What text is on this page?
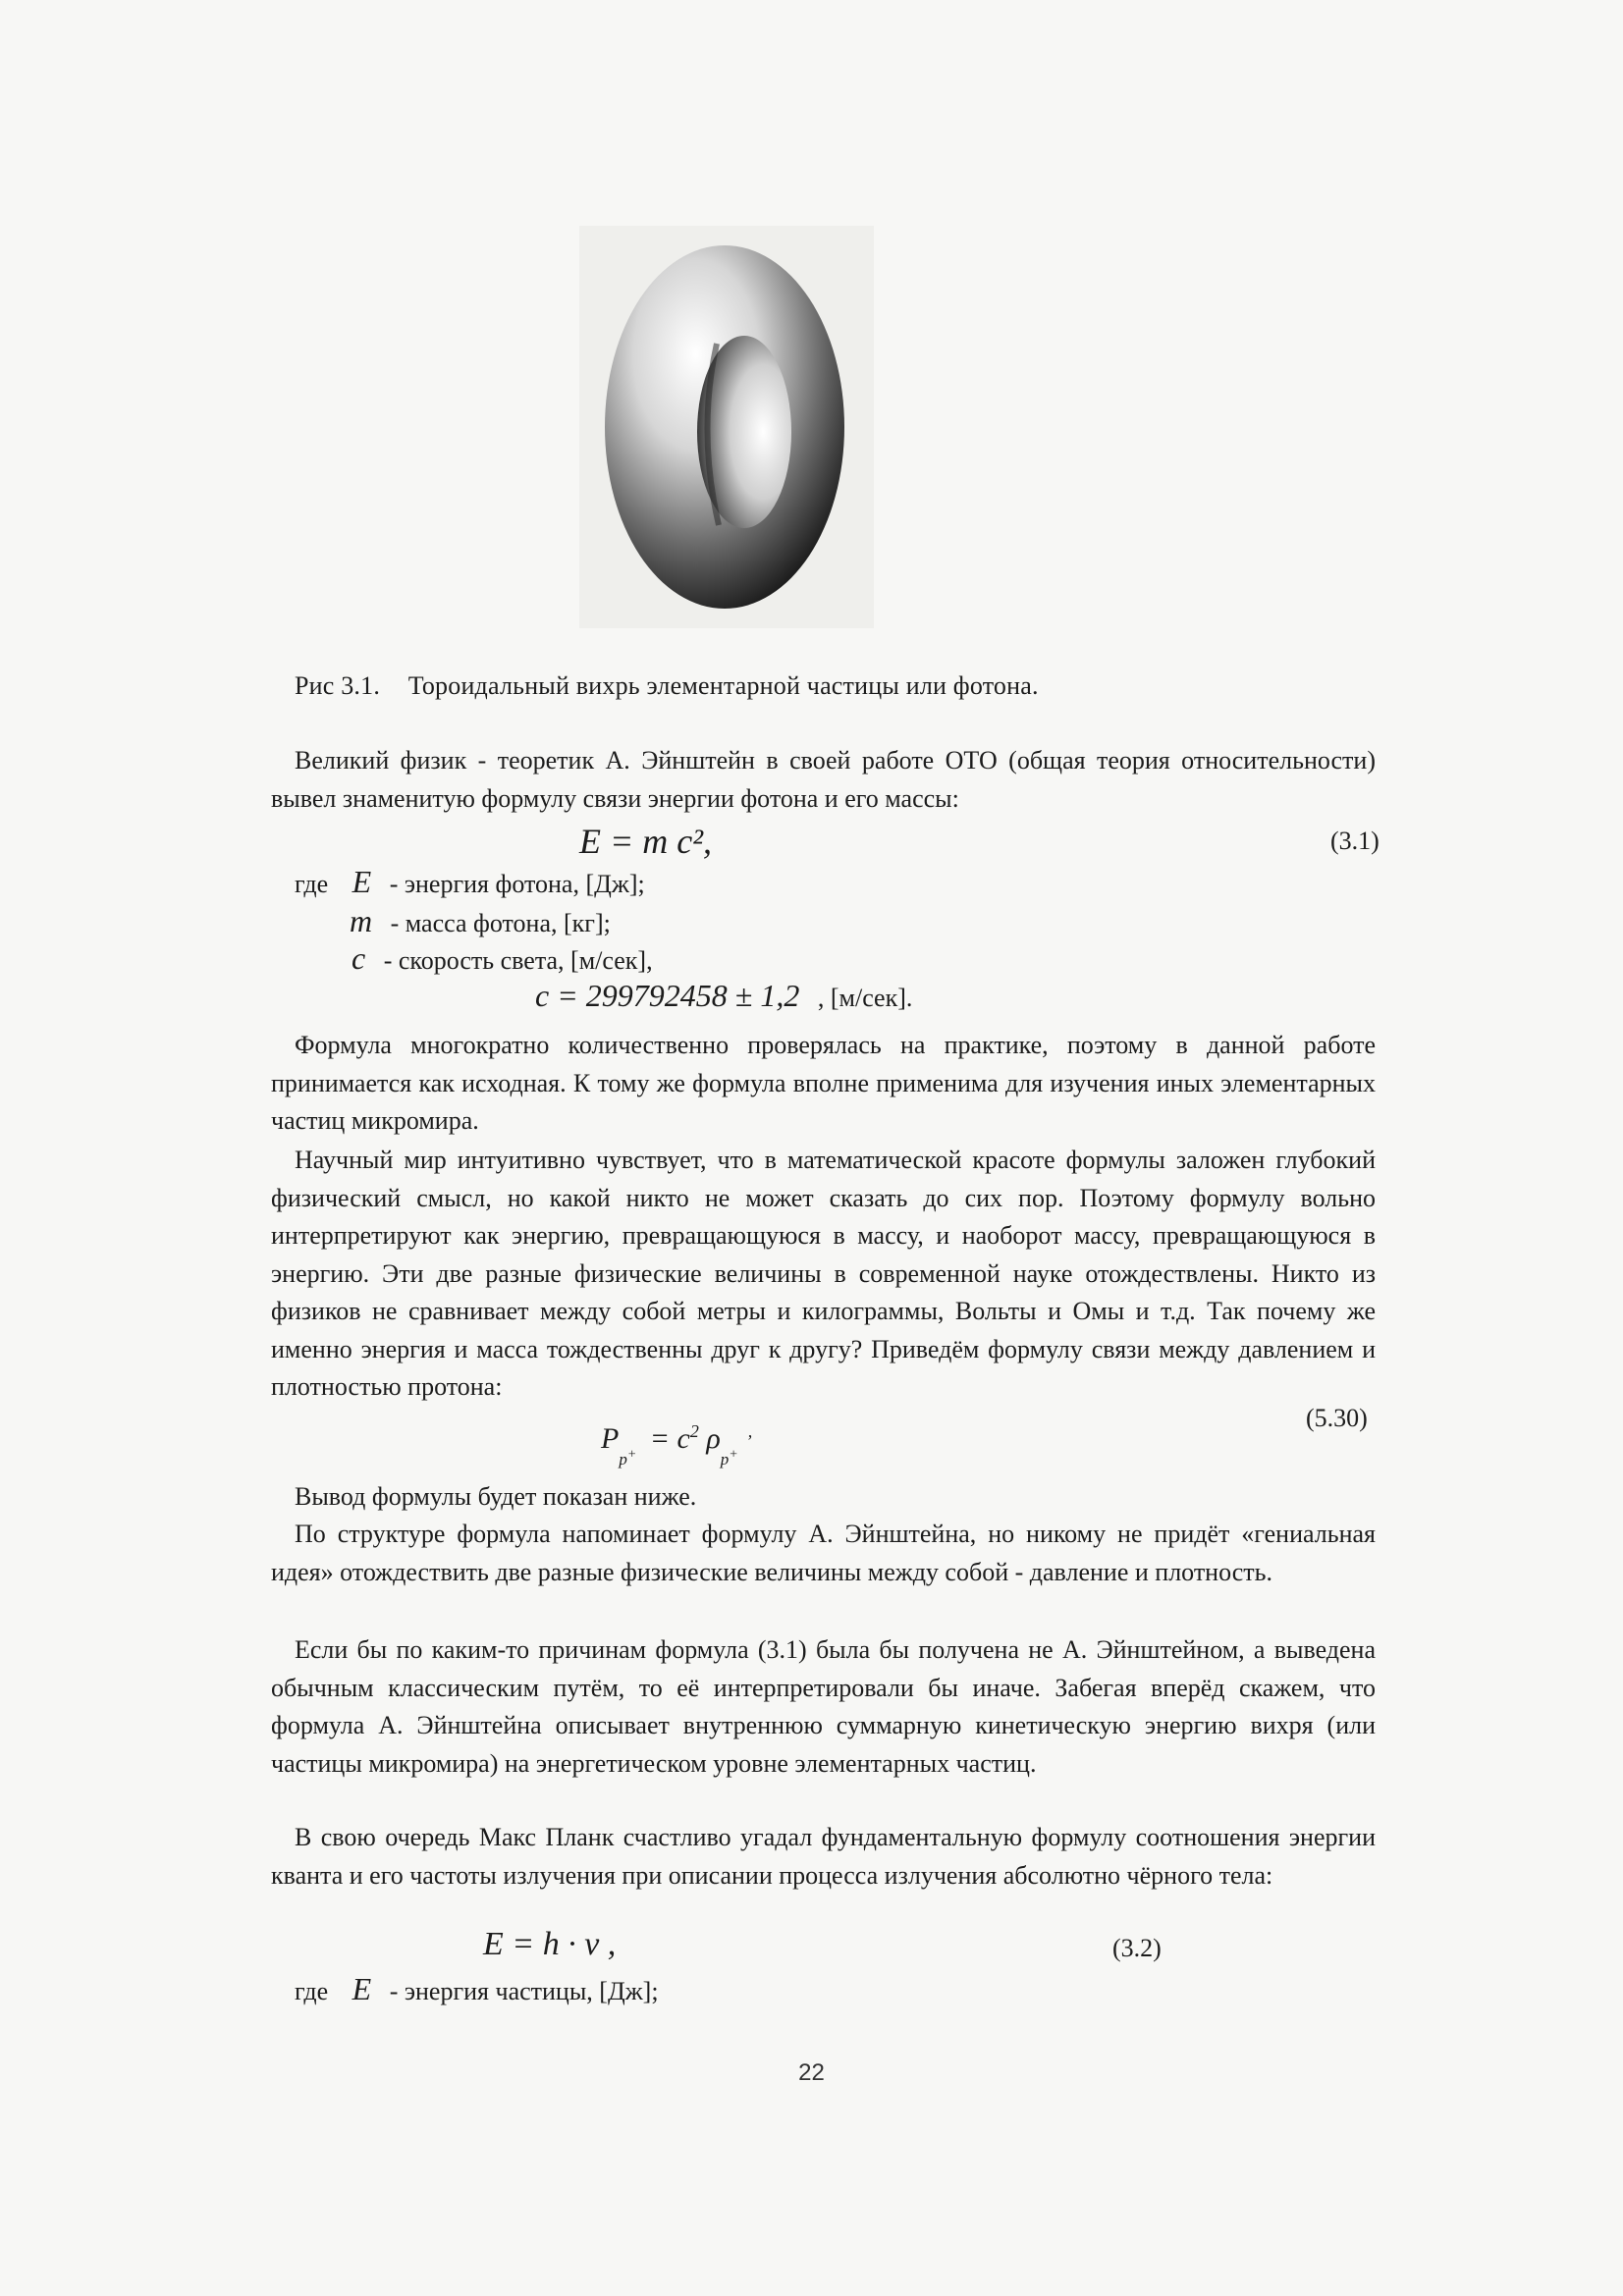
Рис 3.1. Тороидальный вихрь элементарной частицы или фотона.
Великий физик - теоретик А. Эйнштейн в своей работе ОТО (общая теория относительности) вывел знаменитую формулу связи энергии фотона и его массы:
E = m c²,	(3.1)
где E - энергия фотона, [Дж];
m - масса фотона, [кг];
c - скорость света, [м/сек],
c = 299792458 ± 1,2 , [м/сек].
Формула многократно количественно проверялась на практике, поэтому в данной работе принимается как исходная. К тому же формула вполне применима для изучения иных элементарных частиц микромира.
Научный мир интуитивно чувствует, что в математической красоте формулы заложен глубокий физический смысл, но какой никто не может сказать до сих пор. Поэтому формулу вольно интерпретируют как энергию, превращающуюся в массу, и наоборот массу, превращающуюся в энергию. Эти две разные физические величины в современной науке отождествлены. Никто из физиков не сравнивает между собой метры и килограммы, Вольты и Омы и т.д. Так почему же именно энергия и масса тождественны друг к другу? Приведём формулу связи между давлением и плотностью протона:
$P_{p^+} = c^2$ $\rho_{p^+}^,$	(5.30)
Вывод формулы будет показан ниже.
По структуре формула напоминает формулу А. Эйнштейна, но никому не придёт «гениальная идея» отождествить две разные физические величины между собой - давление и плотность.
Если бы по каким-то причинам формула (3.1) была бы получена не А. Эйнштейном, а выведена обычным классическим путём, то её интерпретировали бы иначе. Забегая вперёд скажем, что формула А. Эйнштейна описывает внутреннюю суммарную кинетическую энергию вихря (или частицы микромира) на энергетическом уровне элементарных частиц.
В свою очередь Макс Планк счастливо угадал фундаментальную формулу соотношения энергии кванта и его частоты излучения при описании процесса излучения абсолютно чёрного тела:
E = h · ν ,	(3.2)
где E - энергия частицы, [Дж];
22
